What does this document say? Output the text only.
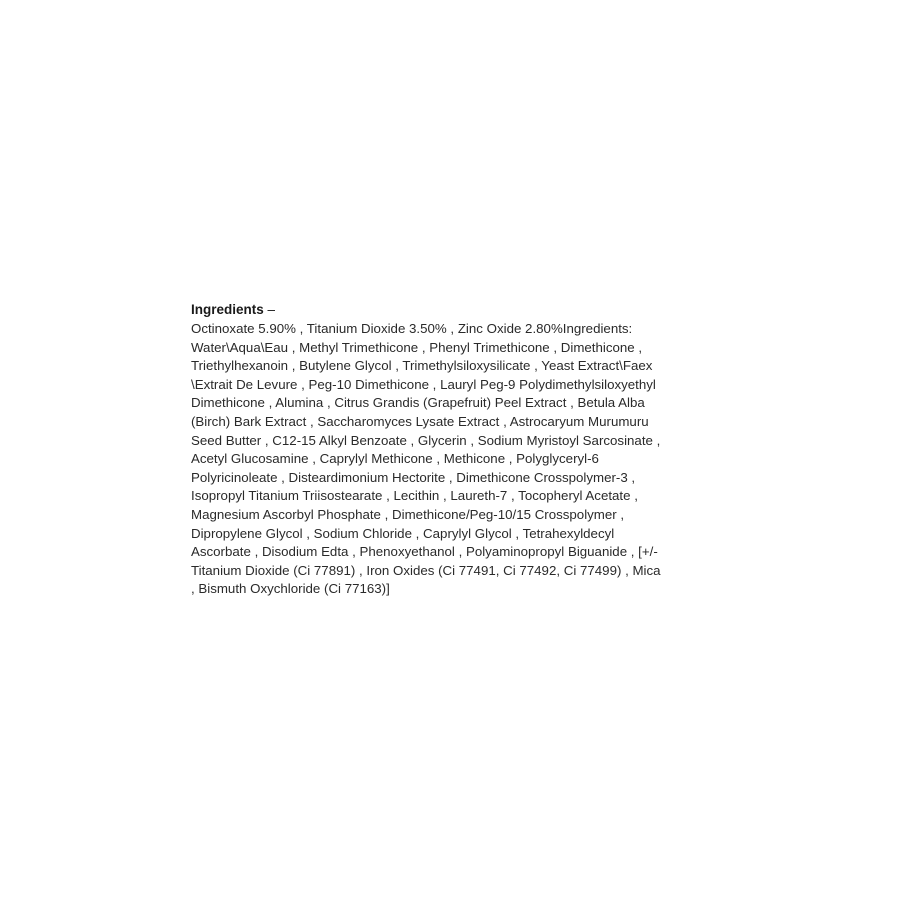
Ingredients –
Octinoxate 5.90% , Titanium Dioxide 3.50% , Zinc Oxide 2.80%Ingredients:
Water\Aqua\Eau , Methyl Trimethicone , Phenyl Trimethicone , Dimethicone ,
Triethylhexanoin , Butylene Glycol , Trimethylsiloxysilicate , Yeast Extract\Faex
\Extrait De Levure , Peg-10 Dimethicone , Lauryl Peg-9 Polydimethylsiloxyethyl
Dimethicone , Alumina , Citrus Grandis (Grapefruit) Peel Extract , Betula Alba
(Birch) Bark Extract , Saccharomyces Lysate Extract , Astrocaryum Murumuru
Seed Butter , C12-15 Alkyl Benzoate , Glycerin , Sodium Myristoyl Sarcosinate ,
Acetyl Glucosamine , Caprylyl Methicone , Methicone , Polyglyceryl-6
Polyricinoleate , Disteardimonium Hectorite , Dimethicone Crosspolymer-3 ,
Isopropyl Titanium Triisostearate , Lecithin , Laureth-7 , Tocopheryl Acetate ,
Magnesium Ascorbyl Phosphate , Dimethicone/Peg-10/15 Crosspolymer ,
Dipropylene Glycol , Sodium Chloride , Caprylyl Glycol , Tetrahexyldecyl
Ascorbate , Disodium Edta , Phenoxyethanol , Polyaminopropyl Biguanide , [+/-
Titanium Dioxide (Ci 77891) , Iron Oxides (Ci 77491, Ci 77492, Ci 77499) , Mica
, Bismuth Oxychloride (Ci 77163)]
